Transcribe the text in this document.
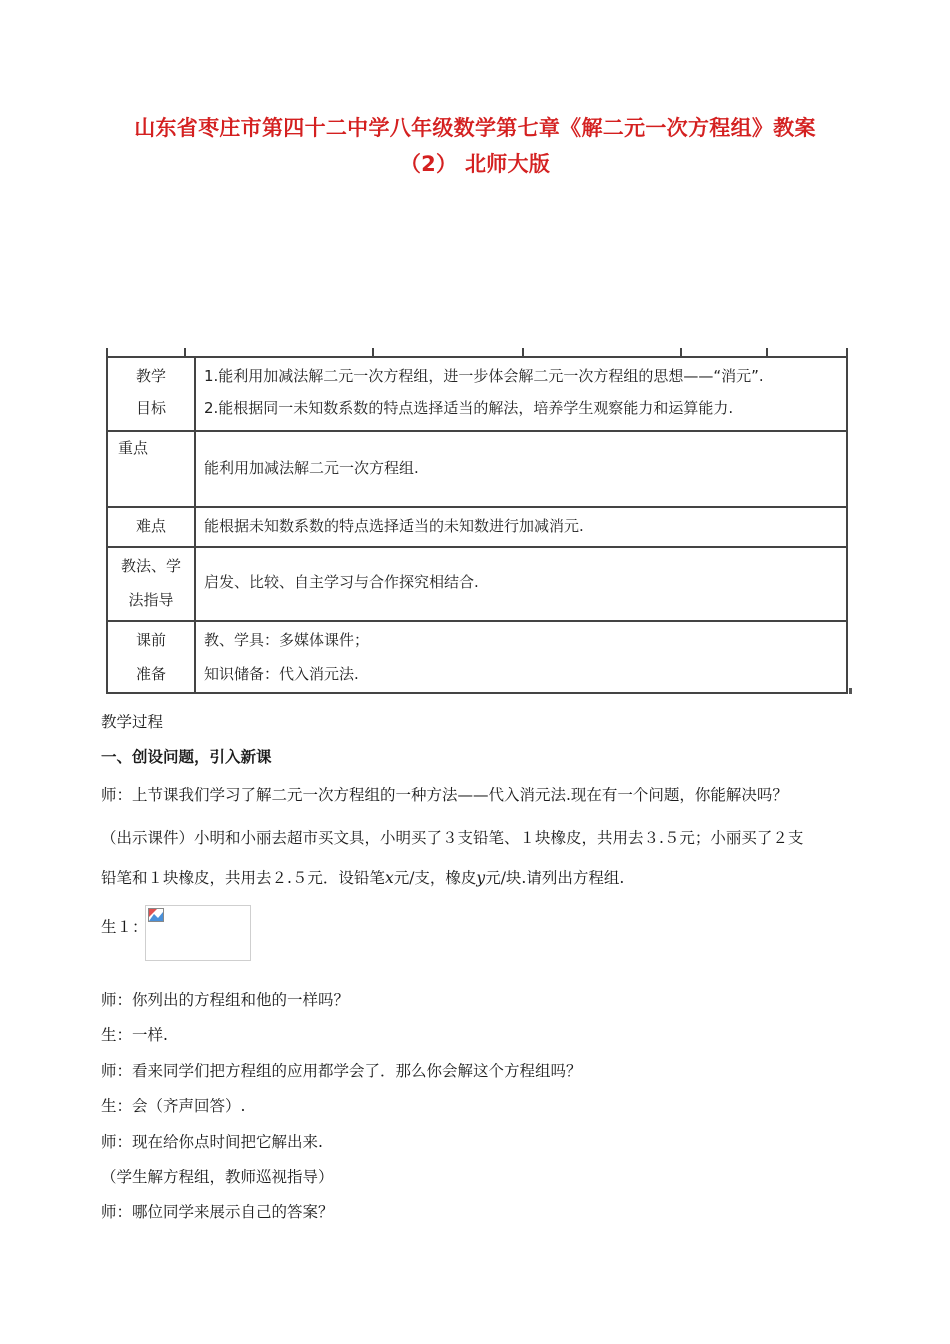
山东省枣庄市第四十二中学八年级数学第七章《解二元一次方程组》教案
（2） 北师大版
教学
目标	1.能利用加减法解二元一次方程组，进一步体会解二元一次方程组的思想——“消元”.
2.能根据同一未知数系数的特点选择适当的解法，培养学生观察能力和运算能力.

重点	能利用加减法解二元一次方程组.

难点	能根据未知数系数的特点选择适当的未知数进行加减消元.

教法、学
法指导	启发、比较、自主学习与合作探究相结合.

课前
准备	教、学具：多媒体课件；
知识储备：代入消元法.
教学过程
一、创设问题，引入新课
师：上节课我们学习了解二元一次方程组的一种方法——代入消元法.现在有一个问题，你能解决吗？
（出示课件）小明和小丽去超市买文具，小明买了３支铅笔、１块橡皮，共用去３.５元；小丽买了２支
铅笔和１块橡皮，共用去２.５元．设铅笔x元/支，橡皮y元/块.请列出方程组.
生１：
师：你列出的方程组和他的一样吗？
生：一样.
师：看来同学们把方程组的应用都学会了．那么你会解这个方程组吗？
生：会（齐声回答）.
师：现在给你点时间把它解出来.
（学生解方程组，教师巡视指导）
师：哪位同学来展示自己的答案？
